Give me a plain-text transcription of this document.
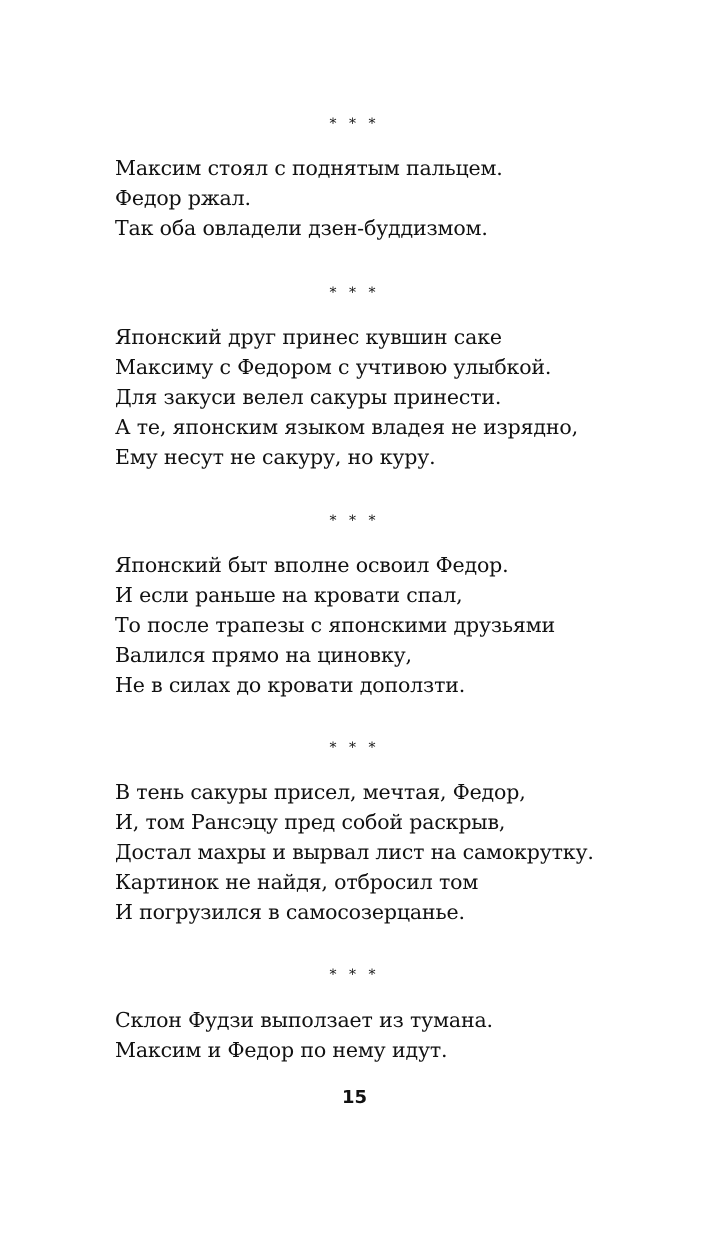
* * *
Максим стоял с поднятым пальцем.
Федор ржал.
Так оба овладели дзен-буддизмом.
* * *
Японский друг принес кувшин саке
Максиму с Федором с учтивою улыбкой.
Для закуси велел сакуры принести.
А те, японским языком владея не изрядно,
Ему несут не сакуру, но куру.
* * *
Японский быт вполне освоил Федор.
И если раньше на кровати спал,
То после трапезы с японскими друзьями
Валился прямо на циновку,
Не в силах до кровати доползти.
* * *
В тень сакуры присел, мечтая, Федор,
И, том Рансэцу пред собой раскрыв,
Достал махры и вырвал лист на самокрутку.
Картинок не найдя, отбросил том
И погрузился в самосозерцанье.
* * *
Склон Фудзи выползает из тумана.
Максим и Федор по нему идут.
15
